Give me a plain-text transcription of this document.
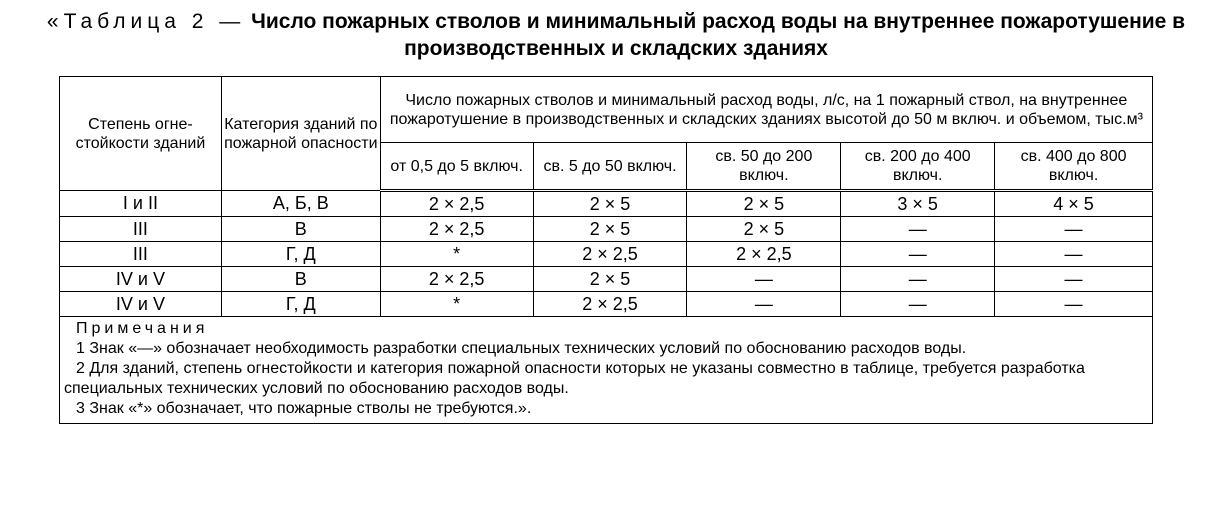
«Таблица 2 — Число пожарных стволов и минимальный расход воды на внутреннее пожаротушение в производственных и складских зданиях
Степень огне-стойкости зданий	Категория зданий по пожарной опасности	Число пожарных стволов и минимальный расход воды, л/с, на 1 пожарный ствол, на внутреннее пожаротушение в производственных и складских зданиях высотой до 50 м включ. и объемом, тыс.м³				
		от 0,5 до 5 включ.	св. 5 до 50 включ.	св. 50 до 200 включ.	св. 200 до 400 включ.	св. 400 до 800 включ.
I и II	А, Б, В	2 × 2,5	2 × 5	2 × 5	3 × 5	4 × 5
III	В	2 × 2,5	2 × 5	2 × 5	—	—
III	Г, Д	*	2 × 2,5	2 × 2,5	—	—
IV и V	В	2 × 2,5	2 × 5	—	—	—
IV и V	Г, Д	*	2 × 2,5	—	—	—

Примечания
1 Знак «—» обозначает необходимость разработки специальных технических условий по обоснованию расходов воды.
2 Для зданий, степень огнестойкости и категория пожарной опасности которых не указаны совместно в таблице, требуется разработка специальных технических условий по обоснованию расходов воды.
3 Знак «*» обозначает, что пожарные стволы не требуются.».						
